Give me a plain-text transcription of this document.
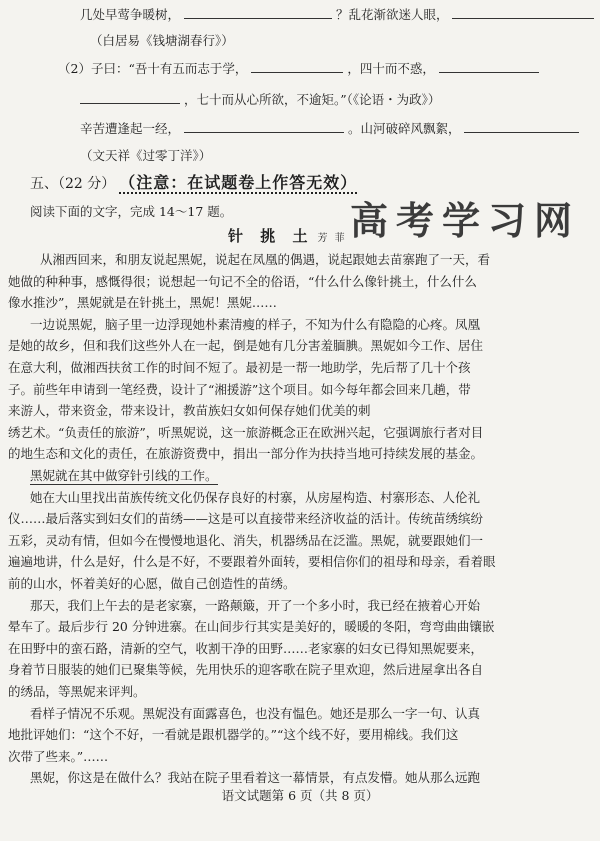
几处早莺争暖树，	？乱花渐欲迷人眼，
（白居易《钱塘湖春行》）
（2）子曰：“吾十有五而志于学，	，四十而不惑，
，七十而从心所欲，不逾矩。”（《论语・为政》）
辛苦遭逢起一经，	。山河破碎风飘絮，
（文天祥《过零丁洋》）
五、（22 分） （注意：在试题卷上作答无效）
阅读下面的文字，完成 14～17 题。	高考学习网
针 挑 土 芳 菲
从湘西回来，和朋友说起黑妮，说起在凤凰的偶遇，说起跟她去苗寨跑了一天，看
她做的种种事，感慨得很；说想起一句记不全的俗语，“什么什么像针挑土，什么什么
像水推沙”，黑妮就是在针挑土，黑妮！黑妮……
一边说黑妮，脑子里一边浮现她朴素清瘦的样子，不知为什么有隐隐的心疼。凤凰
是她的故乡，但和我们这些外人在一起，倒是她有几分害羞腼腆。黑妮如今工作、居住
在意大利，做湘西扶贫工作的时间不短了。最初是一帮一地助学，先后帮了几十个孩
子。前些年申请到一笔经费，设计了“湘援游”这个项目。如今每年都会回来几趟，带
来游人，带来资金，带来设计，教苗族妇女如何保存她们优美的刺
绣艺术。“负责任的旅游”，听黑妮说，这一旅游概念正在欧洲兴起，它强调旅行者对目
的地生态和文化的责任，在旅游资费中，捐出一部分作为扶持当地可持续发展的基金。
黑妮就在其中做穿针引线的工作。
她在大山里找出苗族传统文化仍保存良好的村寨，从房屋构造、村寨形态、人伦礼
仪……最后落实到妇女们的苗绣——这是可以直接带来经济收益的活计。传统苗绣缤纷
五彩，灵动有情，但如今在慢慢地退化、消失，机器绣品在泛滥。黑妮，就要跟她们一
遍遍地讲，什么是好，什么是不好，不要跟着外面转，要相信你们的祖母和母亲，看着眼
前的山水，怀着美好的心愿，做自己创造性的苗绣。
那天，我们上午去的是老家寨，一路颠簸，开了一个多小时，我已经在掖着心开始
晕车了。最后步行 20 分钟进寨。在山间步行其实是美好的，暖暖的冬阳，弯弯曲曲镶嵌
在田野中的蛮石路，清新的空气，收割干净的田野……老家寨的妇女已得知黑妮要来，
身着节日服装的她们已聚集等候，先用快乐的迎客歌在院子里欢迎，然后进屋拿出各自
的绣品，等黑妮来评判。
看样子情况不乐观。黑妮没有面露喜色，也没有愠色。她还是那么一字一句、认真
地批评她们：“这个不好，一看就是跟机器学的。”“这个线不好，要用棉线。我们这
次带了些来。”……
黑妮，你这是在做什么？我站在院子里看着这一幕情景，有点发懵。她从那么远跑
语文试题第 6 页（共 8 页）
